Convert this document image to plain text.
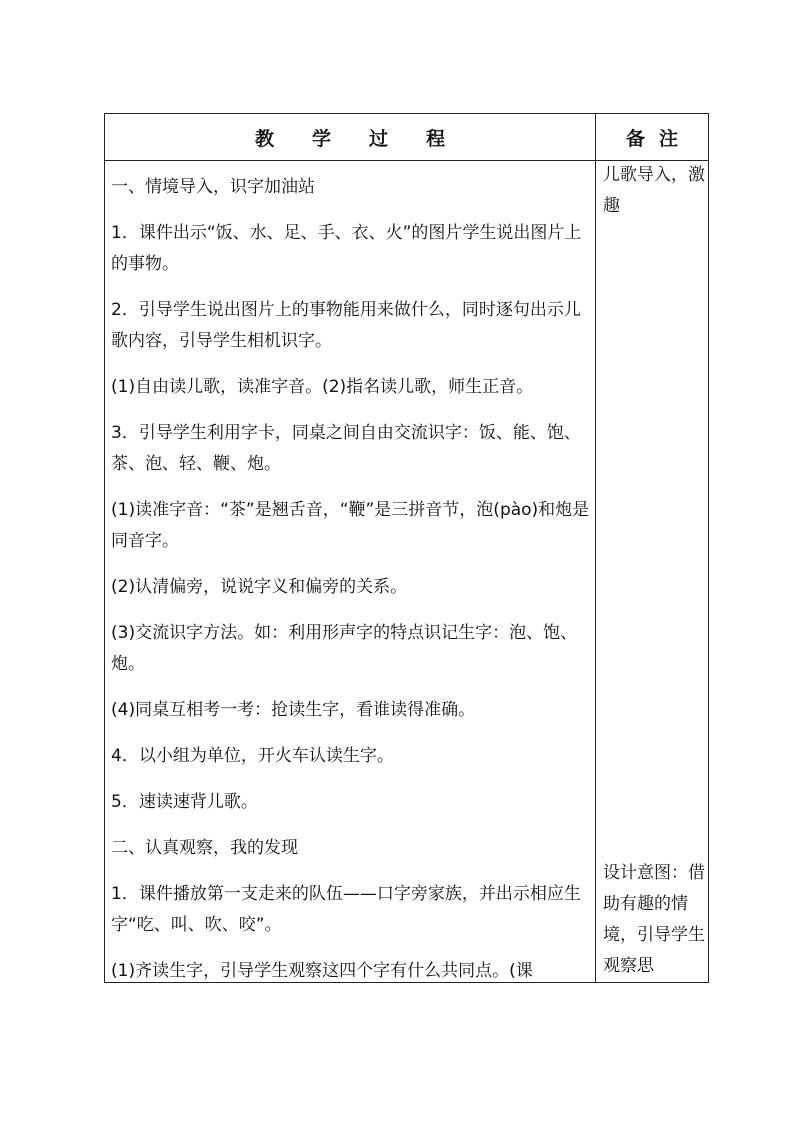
教学过程	备注

一、情境导入，识字加油站

1．课件出示“饭、水、足、手、衣、火”的图片学生说出图片上的事物。

2．引导学生说出图片上的事物能用来做什么，同时逐句出示儿歌内容，引导学生相机识字。

(1)自由读儿歌，读准字音。(2)指名读儿歌，师生正音。

3．引导学生利用字卡，同桌之间自由交流识字：饭、能、饱、茶、泡、轻、鞭、炮。

(1)读准字音：“茶”是翘舌音，“鞭”是三拼音节，泡(pào)和炮是同音字。

(2)认清偏旁，说说字义和偏旁的关系。

(3)交流识字方法。如：利用形声字的特点识记生字：泡、饱、炮。

(4)同桌互相考一考：抢读生字，看谁读得准确。

4．以小组为单位，开火车认读生字。

5．速读速背儿歌。

二、认真观察，我的发现

1．课件播放第一支走来的队伍——口字旁家族，并出示相应生字“吃、叫、吹、咬”。

(1)齐读生字，引导学生观察这四个字有什么共同点。(课

儿歌导入，激趣
设计意图：借助有趣的情境，引导学生观察思
